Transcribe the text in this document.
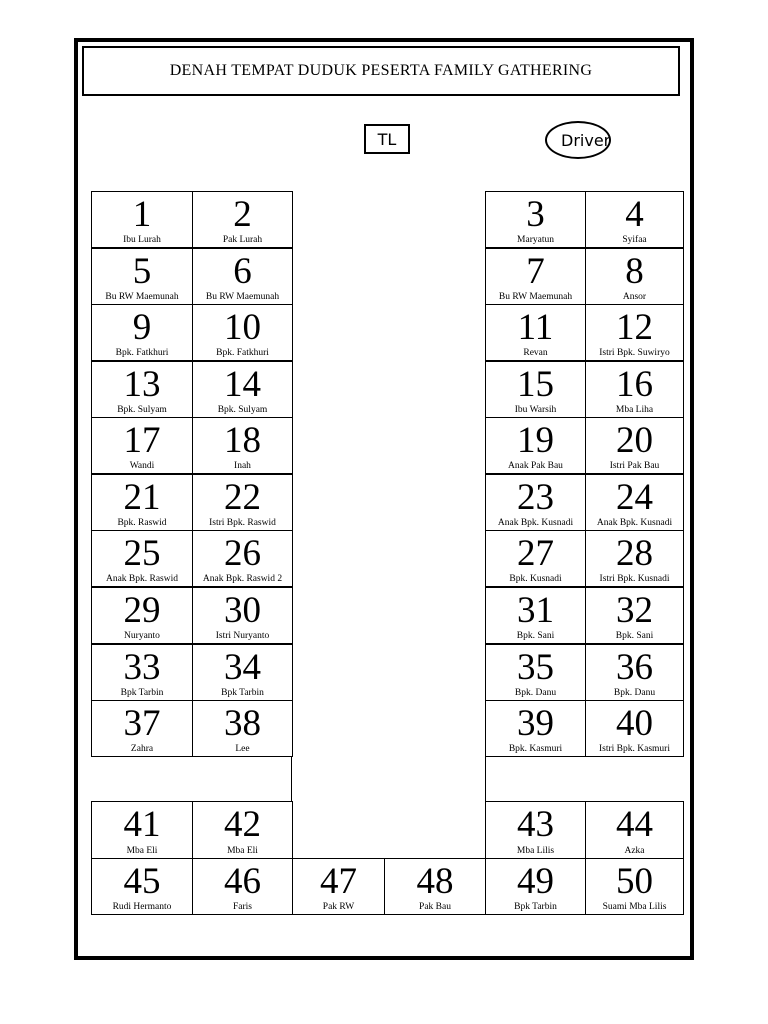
DENAH TEMPAT DUDUK PESERTA FAMILY GATHERING
TL	Driver
1
Ibu Lurah
2
Pak Lurah
5
Bu RW Maemunah
6
Bu RW Maemunah
9
Bpk. Fatkhuri
10
Bpk. Fatkhuri
13
Bpk. Sulyam
14
Bpk. Sulyam
17
Wandi
18
Inah
21
Bpk. Raswid
22
Istri Bpk. Raswid
25
Anak Bpk. Raswid
26
Anak Bpk. Raswid 2
29
Nuryanto
30
Istri Nuryanto
33
Bpk Tarbin
34
Bpk Tarbin
37
Zahra
38
Lee
3
Maryatun
4
Syifaa
7
Bu RW Maemunah
8
Ansor
11
Revan
12
Istri Bpk. Suwiryo
15
Ibu Warsih
16
Mba Liha
19
Anak Pak Bau
20
Istri Pak Bau
23
Anak Bpk. Kusnadi
24
Anak Bpk. Kusnadi
27
Bpk. Kusnadi
28
Istri Bpk. Kusnadi
31
Bpk. Sani
32
Bpk. Sani
35
Bpk. Danu
36
Bpk. Danu
39
Bpk. Kasmuri
40
Istri Bpk. Kasmuri
41
Mba Eli
42
Mba Eli
43
Mba Lilis
44
Azka
45
Rudi Hermanto
46
Faris
47
Pak RW
48
Pak Bau
49
Bpk Tarbin
50
Suami Mba Lilis
